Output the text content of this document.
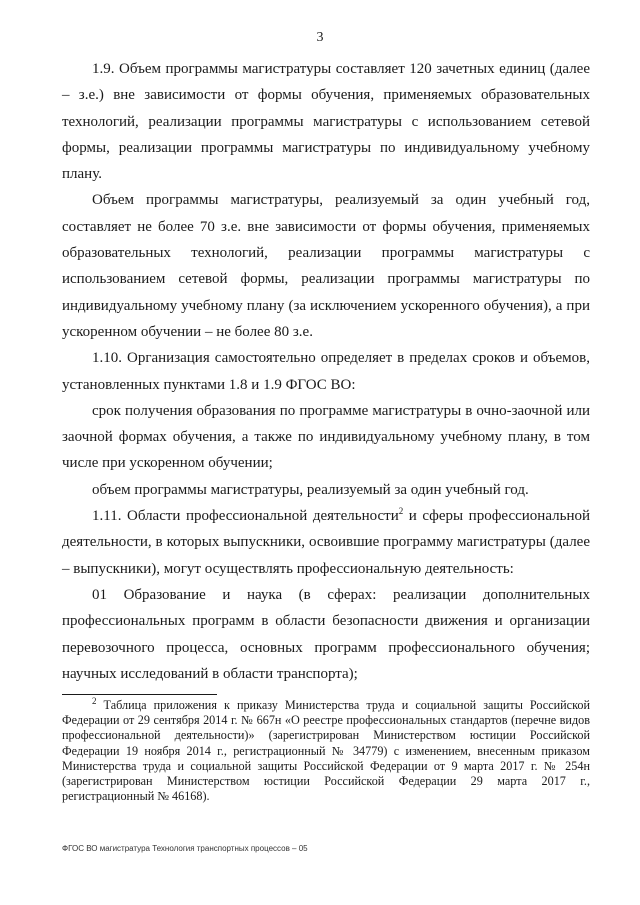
3

1.9. Объем программы магистратуры составляет 120 зачетных единиц (далее – з.е.) вне зависимости от формы обучения, применяемых образовательных технологий, реализации программы магистратуры с использованием сетевой формы, реализации программы магистратуры по индивидуальному учебному плану.

Объем программы магистратуры, реализуемый за один учебный год, составляет не более 70 з.е. вне зависимости от формы обучения, применяемых образовательных технологий, реализации программы магистратуры с использованием сетевой формы, реализации программы магистратуры по индивидуальному учебному плану (за исключением ускоренного обучения), а при ускоренном обучении – не более 80 з.е.

1.10. Организация самостоятельно определяет в пределах сроков и объемов, установленных пунктами 1.8 и 1.9 ФГОС ВО:

срок получения образования по программе магистратуры в очно-заочной или заочной формах обучения, а также по индивидуальному учебному плану, в том числе при ускоренном обучении;

объем программы магистратуры, реализуемый за один учебный год.

1.11. Области профессиональной деятельности$^2$ и сферы профессиональной деятельности, в которых выпускники, освоившие программу магистратуры (далее – выпускники), могут осуществлять профессиональную деятельность:

01 Образование и наука (в сферах: реализации дополнительных профессиональных программ в области безопасности движения и организации перевозочного процесса, основных программ профессионального обучения; научных исследований в области транспорта);

$^2$ Таблица приложения к приказу Министерства труда и социальной защиты Российской Федерации от 29 сентября 2014 г. № 667н «О реестре профессиональных стандартов (перечне видов профессиональной деятельности)» (зарегистрирован Министерством юстиции Российской Федерации 19 ноября 2014 г., регистрационный № 34779) с изменением, внесенным приказом Министерства труда и социальной защиты Российской Федерации от 9 марта 2017 г. № 254н (зарегистрирован Министерством юстиции Российской Федерации 29 марта 2017 г., регистрационный № 46168).

ФГОС ВО магистратура Технология транспортных процессов – 05
